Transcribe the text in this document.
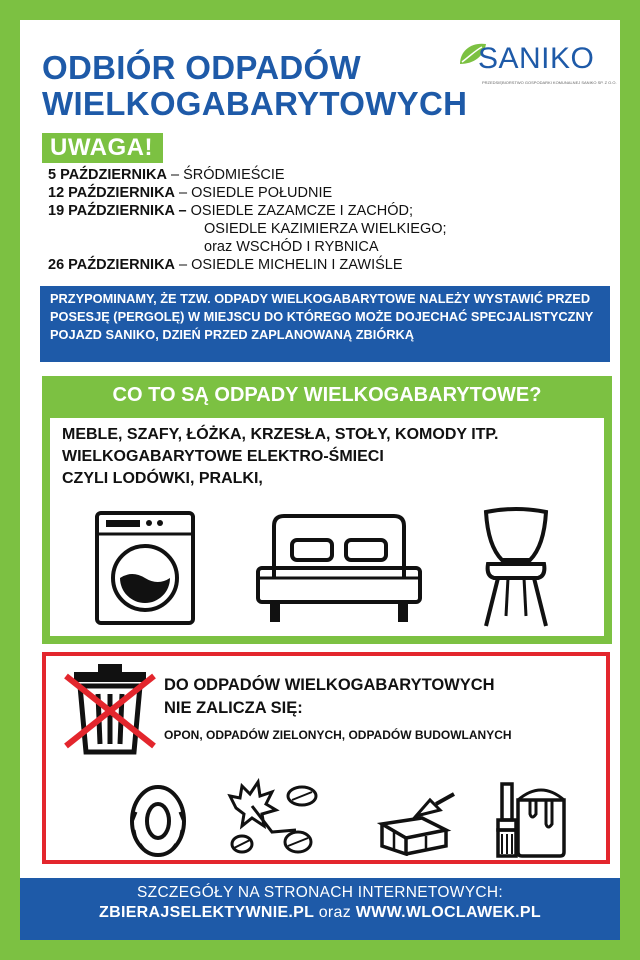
ODBIÓR ODPADÓW
WIELKOGABARYTOWYCH
SANIKO
PRZEDSIĘBIORSTWO GOSPODARKI KOMUNALNEJ SANIKO SP. Z O.O.
UWAGA!
5 PAŹDZIERNIKA – ŚRÓDMIEŚCIE
12 PAŹDZIERNIKA – OSIEDLE POŁUDNIE
19 PAŹDZIERNIKA – OSIEDLE ZAZAMCZE I ZACHÓD;
OSIEDLE KAZIMIERZA WIELKIEGO;
oraz WSCHÓD I RYBNICA
26 PAŹDZIERNIKA – OSIEDLE MICHELIN I ZAWIŚLE
PRZYPOMINAMY, ŻE TZW. ODPADY WIELKOGABARYTOWE NALEŻY WYSTAWIĆ PRZED POSESJĘ (PERGOLĘ) W MIEJSCU DO KTÓREGO MOŻE DOJECHAĆ SPECJALISTYCZNY POJAZD SANIKO, DZIEŃ PRZED ZAPLANOWANĄ ZBIÓRKĄ
CO TO SĄ ODPADY WIELKOGABARYTOWE?
MEBLE, SZAFY, ŁÓŻKA, KRZESŁA, STOŁY, KOMODY ITP.
WIELKOGABARYTOWE ELEKTRO-ŚMIECI
CZYLI LODÓWKI, PRALKI,
DO ODPADÓW WIELKOGABARYTOWYCH
NIE ZALICZA SIĘ:
OPON, ODPADÓW ZIELONYCH, ODPADÓW BUDOWLANYCH
SZCZEGÓŁY NA STRONACH INTERNETOWYCH:
ZBIERAJSELEKTYWNIE.PL oraz WWW.WLOCLAWEK.PL
